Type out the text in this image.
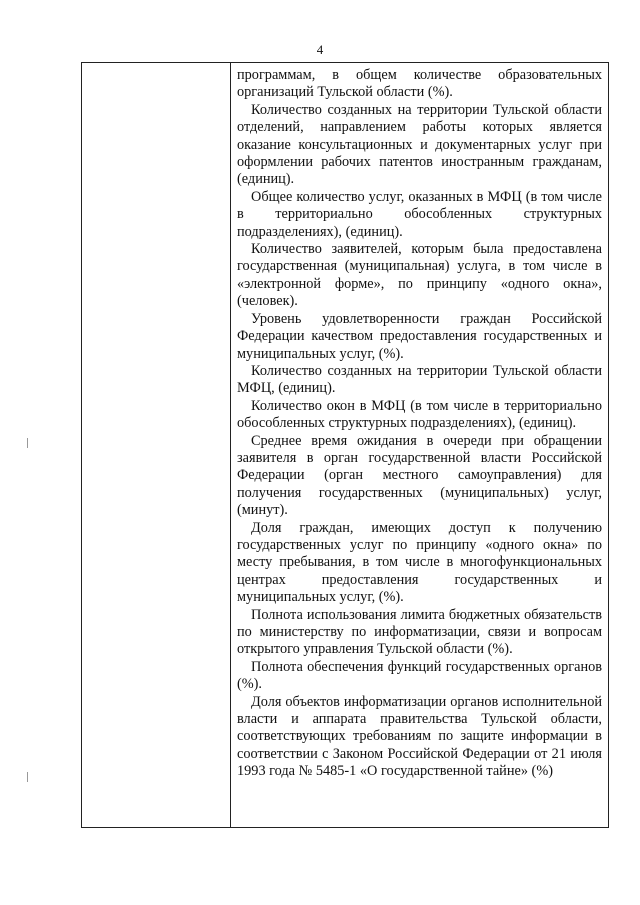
4

программам, в общем количестве образовательных организаций Тульской области (%).

Количество созданных на территории Тульской области отделений, направлением работы которых является оказание консультационных и документарных услуг при оформлении рабочих патентов иностранным гражданам, (единиц).

Общее количество услуг, оказанных в МФЦ (в том числе в территориально обособленных структурных подразделениях), (единиц).

Количество заявителей, которым была предоставлена государственная (муниципальная) услуга, в том числе в «электронной форме», по принципу «одного окна», (человек).

Уровень удовлетворенности граждан Российской Федерации качеством предоставления государственных и муниципальных услуг, (%).

Количество созданных на территории Тульской области МФЦ, (единиц).

Количество окон в МФЦ (в том числе в территориально обособленных структурных подразделениях), (единиц).

Среднее время ожидания в очереди при обращении заявителя в орган государственной власти Российской Федерации (орган местного самоуправления) для получения государственных (муниципальных) услуг, (минут).

Доля граждан, имеющих доступ к получению государственных услуг по принципу «одного окна» по месту пребывания, в том числе в многофункциональных центрах предоставления государственных и муниципальных услуг, (%).

Полнота использования лимита бюджетных обязательств по министерству по информатизации, связи и вопросам открытого управления Тульской области (%).

Полнота обеспечения функций государственных органов (%).

Доля объектов информатизации органов исполнительной власти и аппарата правительства Тульской области, соответствующих требованиям по защите информации в соответствии с Законом Российской Федерации от 21 июля 1993 года № 5485-1 «О государственной тайне» (%)
